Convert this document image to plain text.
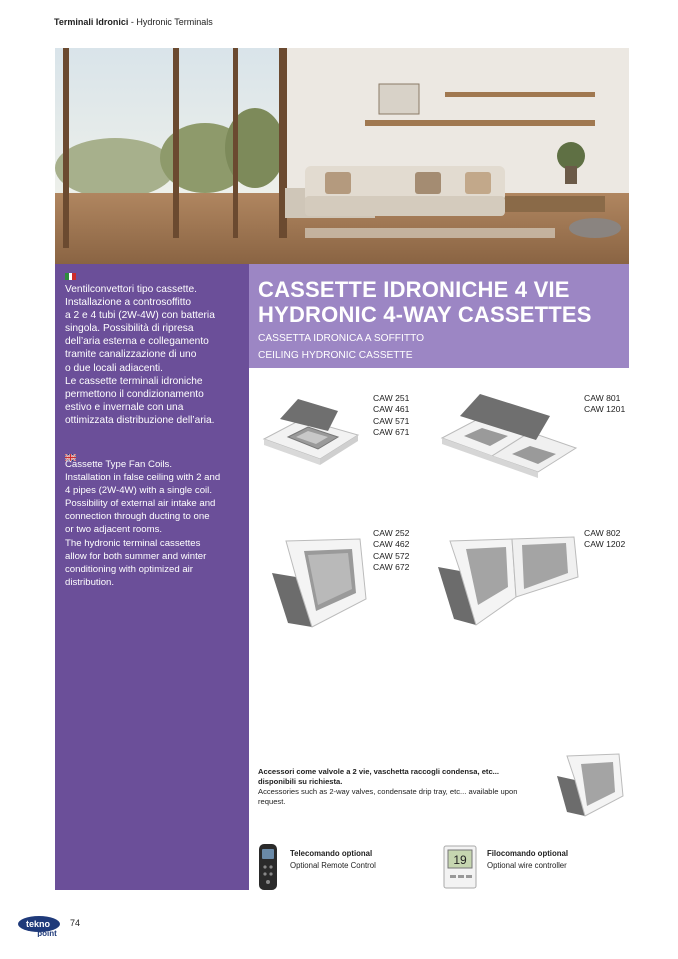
Terminali Idronici - Hydronic Terminals
Ventilconvettori tipo cassette.
Installazione a controsoffitto
a 2 e 4 tubi (2W-4W) con batteria
singola. Possibilità di ripresa
dell’aria esterna e collegamento
tramite canalizzazione di uno
o due locali adiacenti.
Le cassette terminali idroniche
permettono il condizionamento
estivo e invernale con una
ottimizzata distribuzione dell’aria.
Cassette Type Fan Coils.
Installation in false ceiling with 2 and
4 pipes (2W-4W) with a single coil.
Possibility of external air intake and
connection through ducting to one
or two adjacent rooms.
The hydronic terminal cassettes
allow for both summer and winter
conditioning with optimized air
distribution.
CASSETTE IDRONICHE 4 VIE
HYDRONIC 4-WAY CASSETTES
CASSETTA IDRONICA A SOFFITTO
CEILING HYDRONIC CASSETTE
CAW 251
CAW 461
CAW 571
CAW 671
CAW 801
CAW 1201
CAW 252
CAW 462
CAW 572
CAW 672
CAW 802
CAW 1202
Accessori come valvole a 2 vie, vaschetta raccogli condensa, etc... disponibili su richiesta.
Accessories such as 2-way valves, condensate drip tray, etc... available upon request.
Telecomando optional
Optional Remote Control	19	Filocomando optional
Optional wire controller
tekno
point
74
